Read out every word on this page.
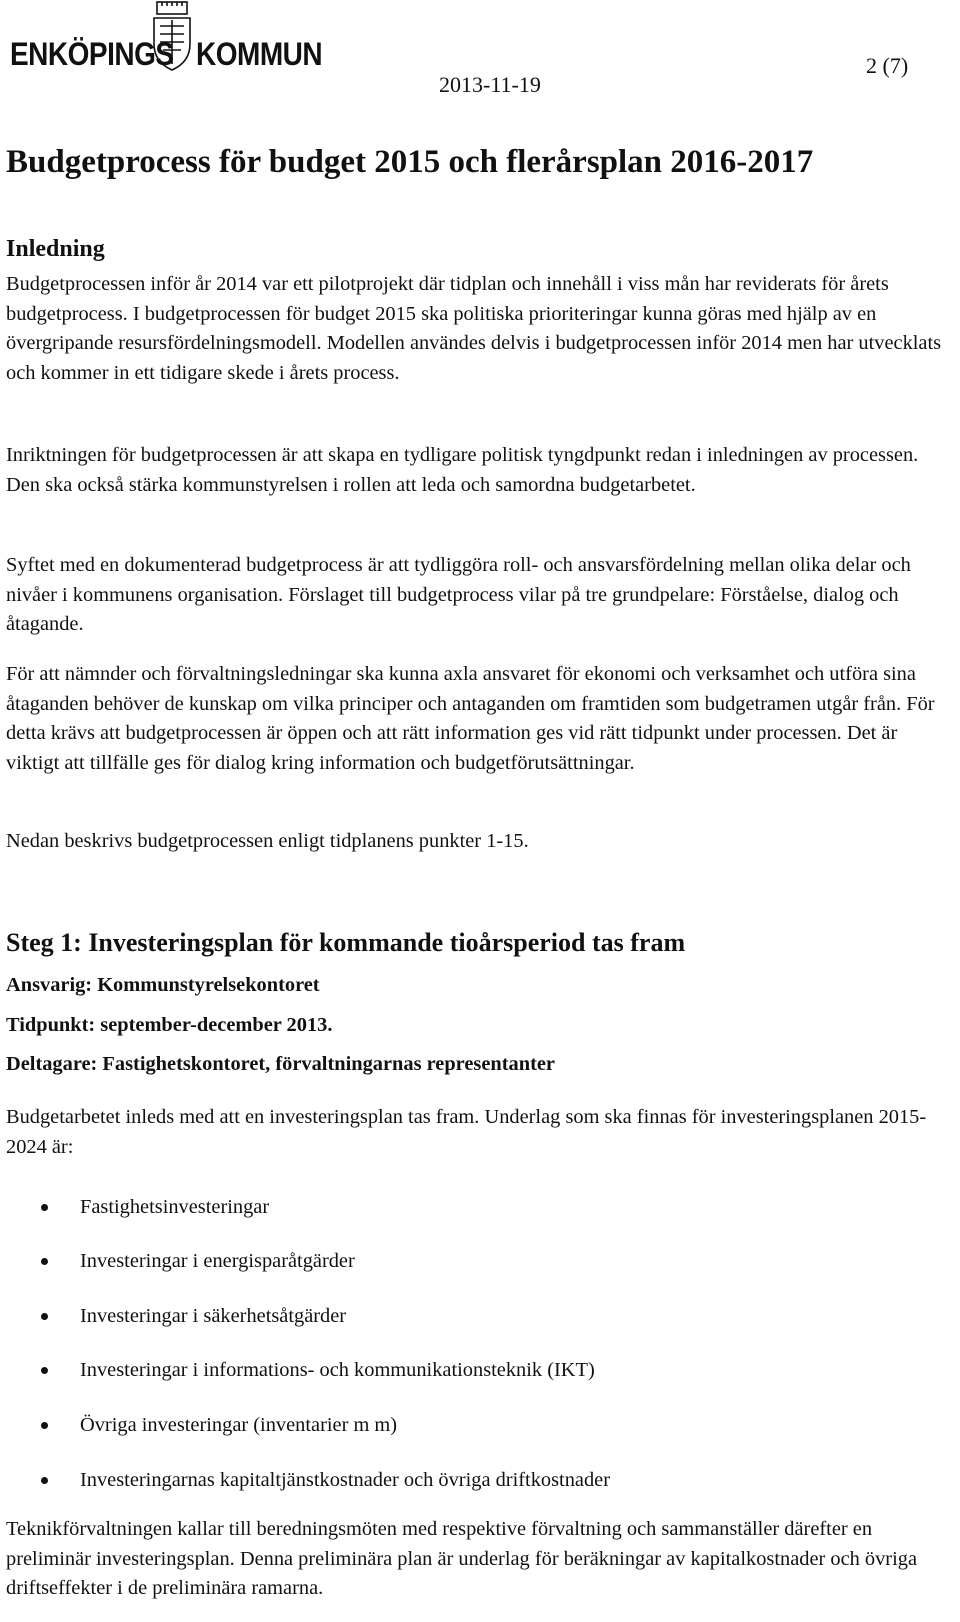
ENKÖPINGS KOMMUN
2013-11-19
2 (7)
Budgetprocess för budget 2015 och flerårsplan 2016-2017
Inledning

Budgetprocessen inför år 2014 var ett pilotprojekt där tidplan och innehåll i viss mån har reviderats för årets budgetprocess. I budgetprocessen för budget 2015 ska politiska prioriteringar kunna göras med hjälp av en övergripande resursfördelningsmodell. Modellen användes delvis i budgetprocessen inför 2014 men har utvecklats och kommer in ett tidigare skede i årets process.

Inriktningen för budgetprocessen är att skapa en tydligare politisk tyngdpunkt redan i inledningen av processen. Den ska också stärka kommunstyrelsen i rollen att leda och samordna budgetarbetet.

Syftet med en dokumenterad budgetprocess är att tydliggöra roll- och ansvarsfördelning mellan olika delar och nivåer i kommunens organisation. Förslaget till budgetprocess vilar på tre grundpelare: Förståelse, dialog och åtagande.

För att nämnder och förvaltningsledningar ska kunna axla ansvaret för ekonomi och verksamhet och utföra sina åtaganden behöver de kunskap om vilka principer och antaganden om framtiden som budgetramen utgår från. För detta krävs att budgetprocessen är öppen och att rätt information ges vid rätt tidpunkt under processen. Det är viktigt att tillfälle ges för dialog kring information och budgetförutsättningar.

Nedan beskrivs budgetprocessen enligt tidplanens punkter 1-15.

Steg 1: Investeringsplan för kommande tioårsperiod tas fram

Ansvarig: Kommunstyrelsekontoret

Tidpunkt: september-december 2013.

Deltagare: Fastighetskontoret, förvaltningarnas representanter

Budgetarbetet inleds med att en investeringsplan tas fram. Underlag som ska finnas för investeringsplanen 2015-2024 är:

Fastighetsinvesteringar
Investeringar i energisparåtgärder
Investeringar i säkerhetsåtgärder
Investeringar i informations- och kommunikationsteknik (IKT)
Övriga investeringar (inventarier m m)
Investeringarnas kapitaltjänstkostnader och övriga driftkostnader

Teknikförvaltningen kallar till beredningsmöten med respektive förvaltning och sammanställer därefter en preliminär investeringsplan. Denna preliminära plan är underlag för beräkningar av kapitalkostnader och övriga driftseffekter i de preliminära ramarna.
